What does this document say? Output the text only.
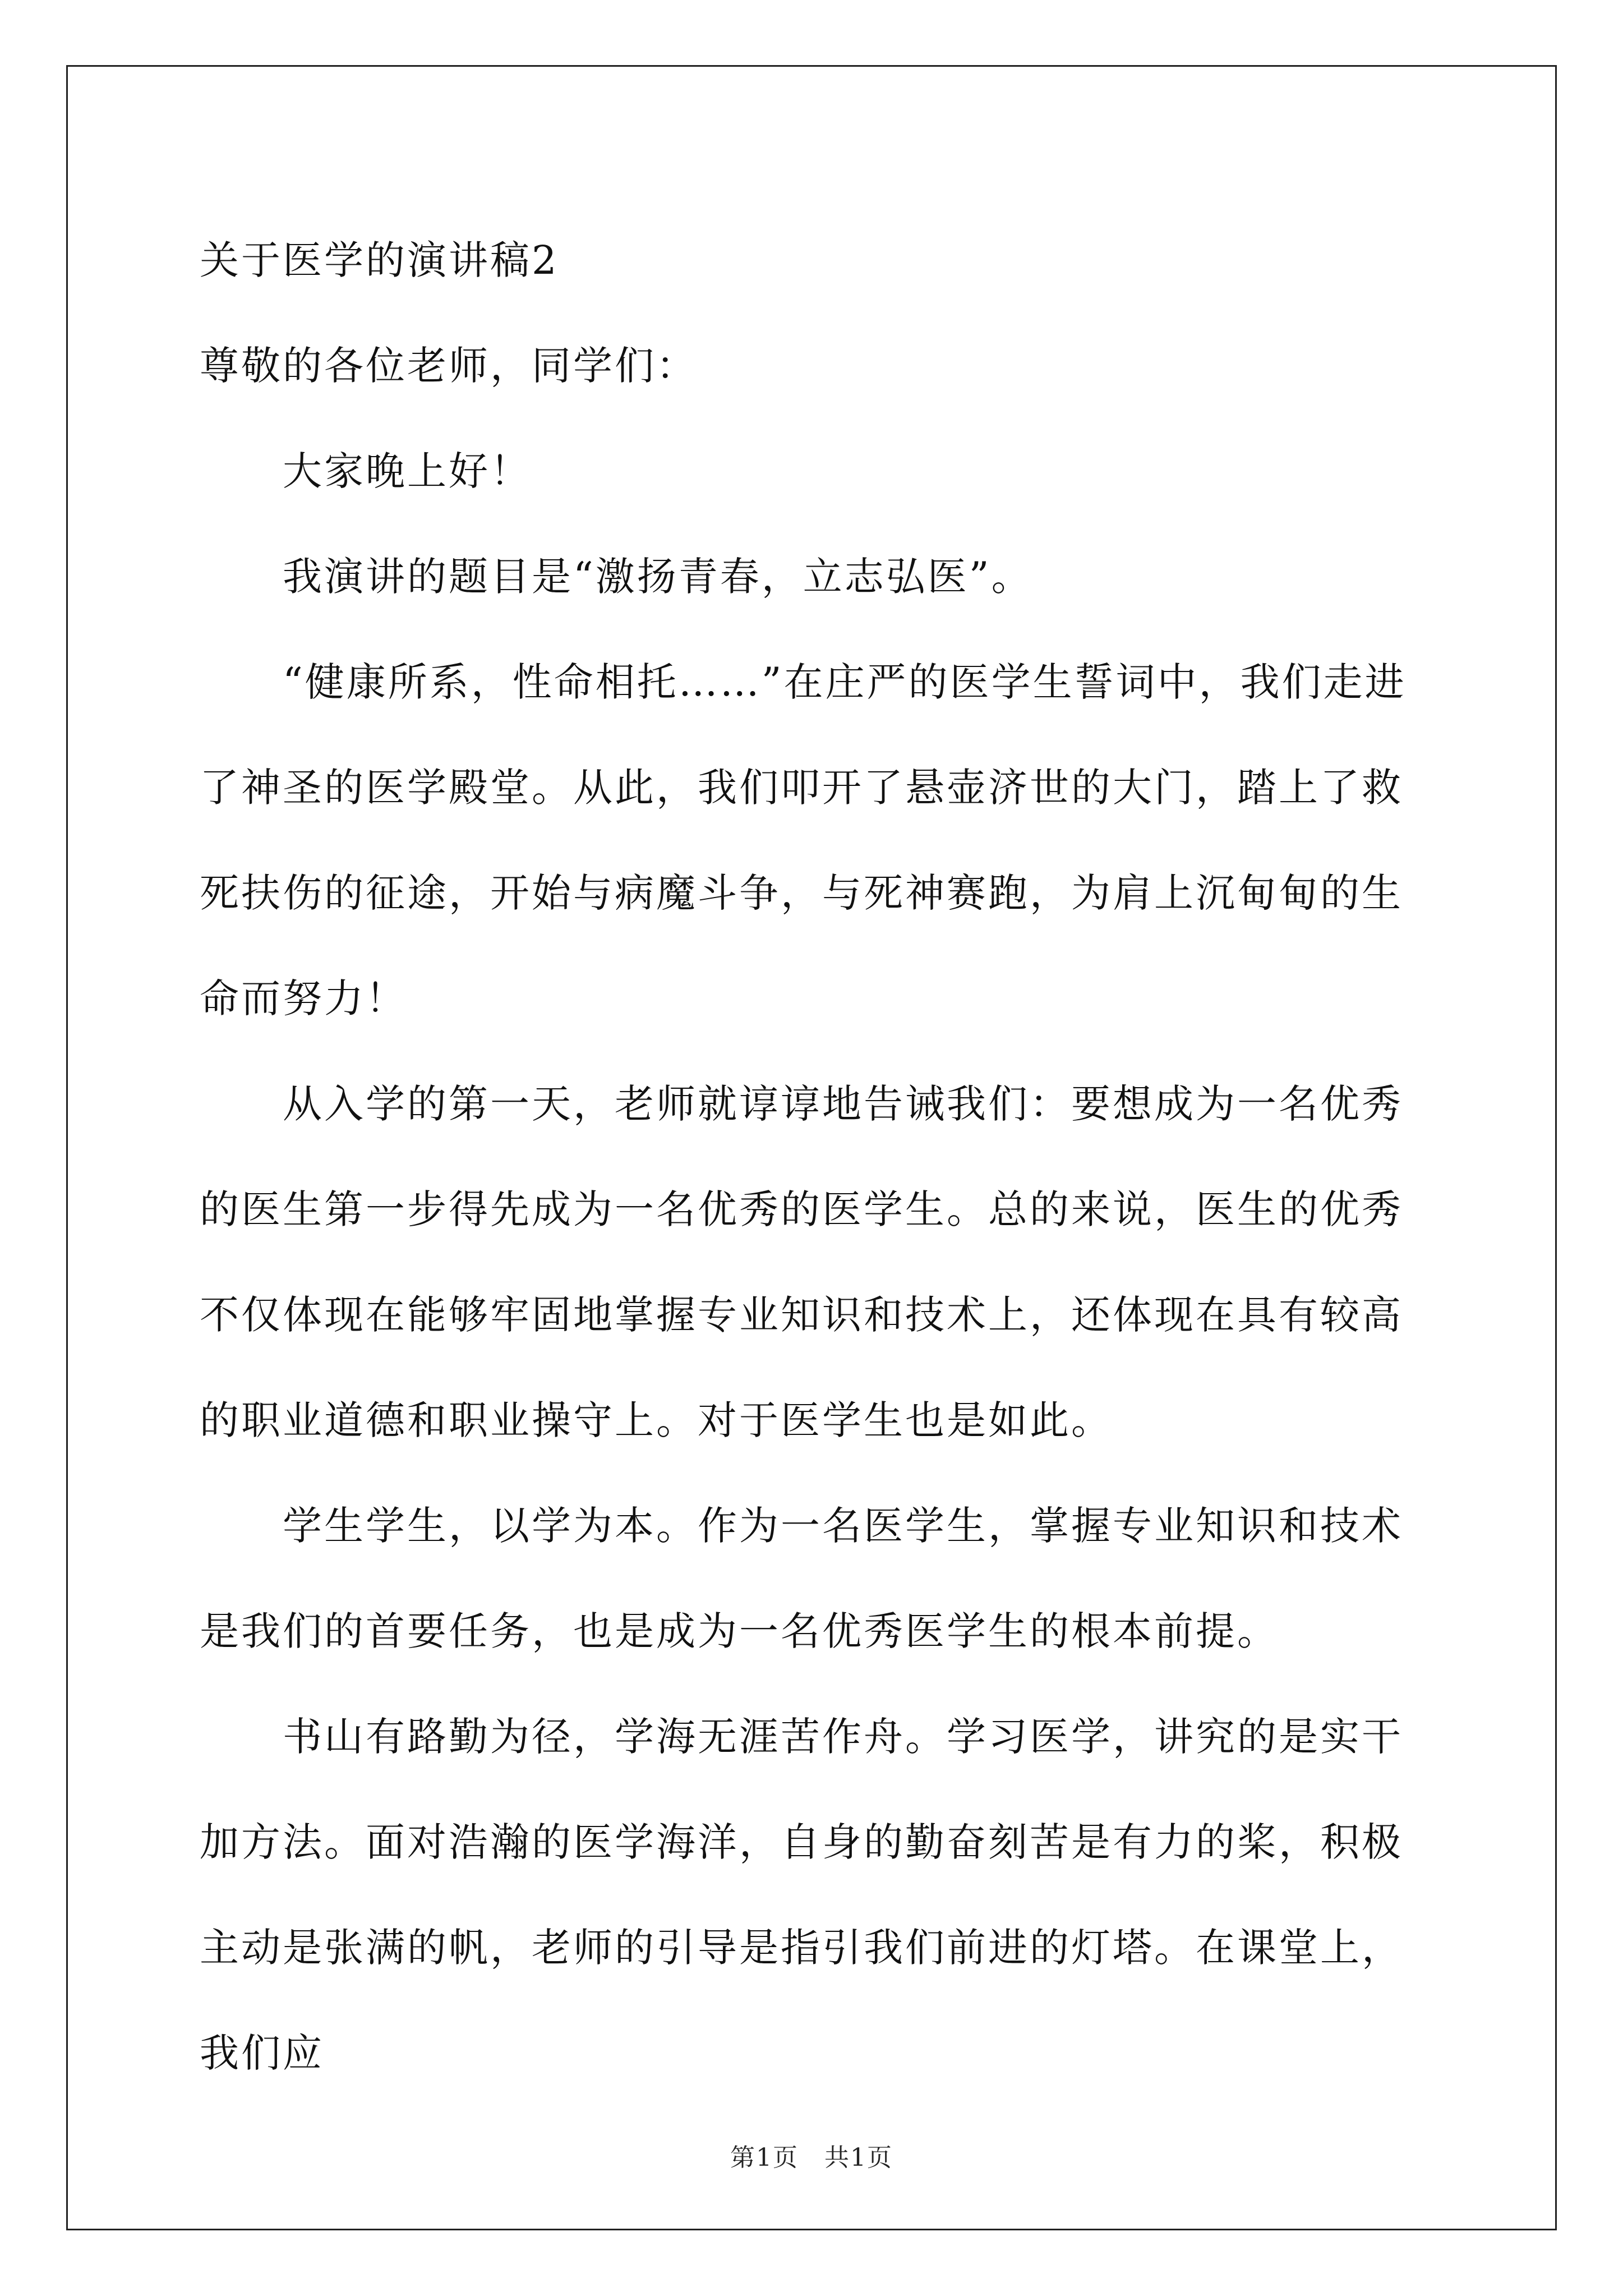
关于医学的演讲稿2

尊敬的各位老师，同学们：

大家晚上好！

我演讲的题目是“激扬青春，立志弘医”。

“健康所系，性命相托……”在庄严的医学生誓词中，我们走进了神圣的医学殿堂。从此，我们叩开了悬壶济世的大门，踏上了救死扶伤的征途，开始与病魔斗争，与死神赛跑，为肩上沉甸甸的生命而努力！

从入学的第一天，老师就谆谆地告诫我们：要想成为一名优秀的医生第一步得先成为一名优秀的医学生。总的来说，医生的优秀不仅体现在能够牢固地掌握专业知识和技术上，还体现在具有较高的职业道德和职业操守上。对于医学生也是如此。

学生学生，以学为本。作为一名医学生，掌握专业知识和技术是我们的首要任务，也是成为一名优秀医学生的根本前提。

书山有路勤为径，学海无涯苦作舟。学习医学，讲究的是实干加方法。面对浩瀚的医学海洋，自身的勤奋刻苦是有力的桨，积极主动是张满的帆，老师的引导是指引我们前进的灯塔。在课堂上，我们应

第1页 共1页
